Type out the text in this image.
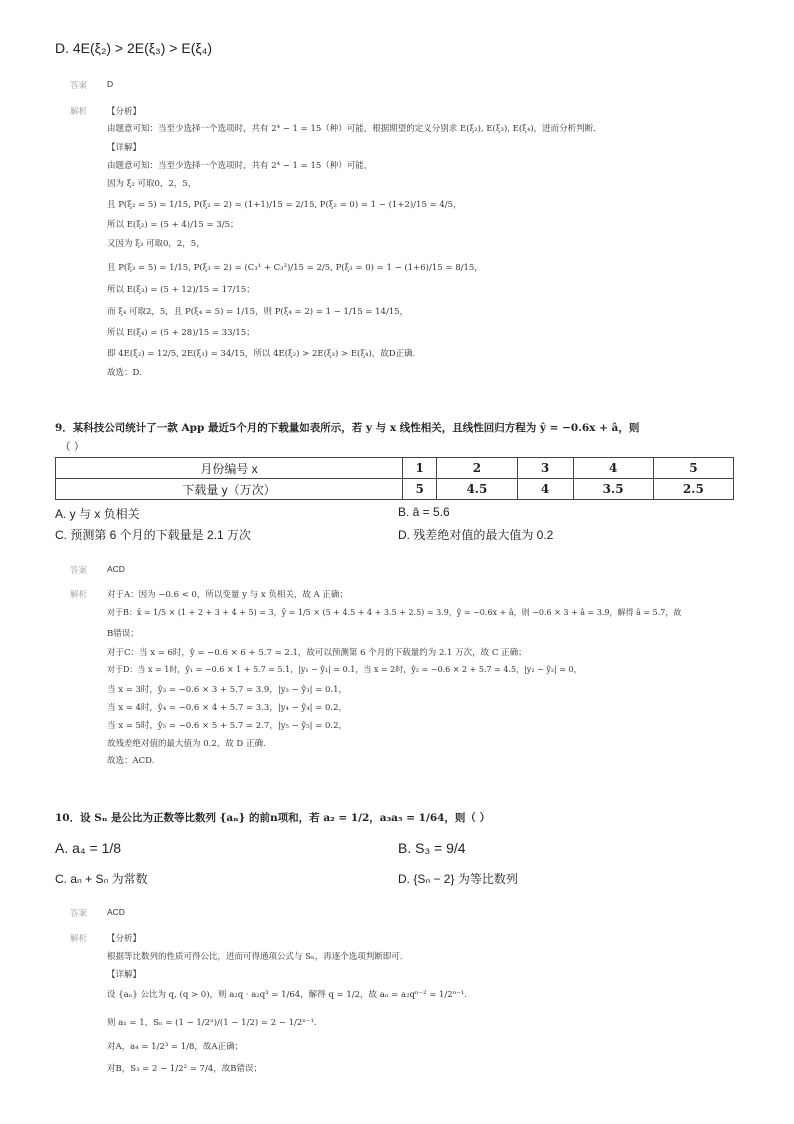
D. 4E(ξ₂) > 2E(ξ₃) > E(ξ₄)
答案 D
解析 【分析】
由题意可知：当至少选择一个选项时，共有 2⁴ − 1 = 15（种）可能，根据期望的定义分别求 E(ξ₂), E(ξ₃), E(ξ₄)，进而分析判断.
【详解】
由题意可知：当至少选择一个选项时，共有 2⁴ − 1 = 15（种）可能，
因为 ξ₂ 可取0，2，5，
且 P(ξ₂ = 5) = 1/15, P(ξ₂ = 2) = (1+1)/15 = 2/15, P(ξ₂ = 0) = 1 − (1+2)/15 = 4/5，
所以 E(ξ₂) = (5 + 4)/15 = 3/5；
又因为 ξ₃ 可取0，2，5，
且 P(ξ₃ = 5) = 1/15, P(ξ₃ = 2) = (C₃¹ + C₃²)/15 = 2/5, P(ξ₃ = 0) = 1 − (1+6)/15 = 8/15，
所以 E(ξ₃) = (5 + 12)/15 = 17/15；
而 ξ₄ 可取2，5，且 P(ξ₄ = 5) = 1/15，则 P(ξ₄ = 2) = 1 − 1/15 = 14/15，
所以 E(ξ₄) = (5 + 28)/15 = 33/15；
即 4E(ξ₂) = 12/5, 2E(ξ₃) = 34/15，所以 4E(ξ₂) > 2E(ξ₃) > E(ξ₄)，故D正确.
故选：D.
9．某科技公司统计了一款 App 最近5个月的下载量如表所示，若 y 与 x 线性相关，且线性回归方程为 ŷ = −0.6x + â，则
（ ）
月份编号 x	1	2	3	4	5
下载量 y（万次）	5	4.5	4	3.5	2.5
A. y 与 x 负相关	B. â = 5.6
C. 预测第 6 个月的下载量是 2.1 万次	D. 残差绝对值的最大值为 0.2
答案 ACD
解析 对于A：因为 −0.6 < 0，所以变量 y 与 x 负相关，故 A 正确；
对于B：x̄ = 1/5 × (1 + 2 + 3 + 4 + 5) = 3，ȳ = 1/5 × (5 + 4.5 + 4 + 3.5 + 2.5) = 3.9，ŷ = −0.6x + â，则 −0.6 × 3 + â = 3.9，解得 â = 5.7，故
B错误；
对于C：当 x = 6时，ŷ = −0.6 × 6 + 5.7 = 2.1，故可以预测第 6 个月的下载量约为 2.1 万次，故 C 正确；
对于D：当 x = 1时，ŷ₁ = −0.6 × 1 + 5.7 = 5.1，|y₁ − ŷ₁| = 0.1，当 x = 2时，ŷ₂ = −0.6 × 2 + 5.7 = 4.5，|y₂ − ŷ₂| = 0，
当 x = 3时，ŷ₃ = −0.6 × 3 + 5.7 = 3.9，|y₃ − ŷ₃| = 0.1，
当 x = 4时，ŷ₄ = −0.6 × 4 + 5.7 = 3.3，|y₄ − ŷ₄| = 0.2，
当 x = 5时，ŷ₅ = −0.6 × 5 + 5.7 = 2.7，|y₅ − ŷ₅| = 0.2，
故残差绝对值的最大值为 0.2，故 D 正确.
故选：ACD.
10．设 Sₙ 是公比为正数等比数列 {aₙ} 的前n项和，若 a₂ = 1/2，a₃a₅ = 1/64，则（ ）
A. a₄ = 1/8	B. S₃ = 9/4
C. aₙ + Sₙ 为常数	D. {Sₙ − 2} 为等比数列
答案 ACD
解析 【分析】
根据等比数列的性质可得公比，进而可得通项公式与 Sₙ，再逐个选项判断即可.
【详解】
设 {aₙ} 公比为 q, (q > 0)，则 a₂q · a₂q³ = 1/64，解得 q = 1/2，故 aₙ = a₂qⁿ⁻² = 1/2ⁿ⁻¹.
则 a₁ = 1，Sₙ = (1 − 1/2ⁿ)/(1 − 1/2) = 2 − 1/2ⁿ⁻¹.
对A，a₄ = 1/2³ = 1/8，故A正确；
对B，S₃ = 2 − 1/2² = 7/4，故B错误；
